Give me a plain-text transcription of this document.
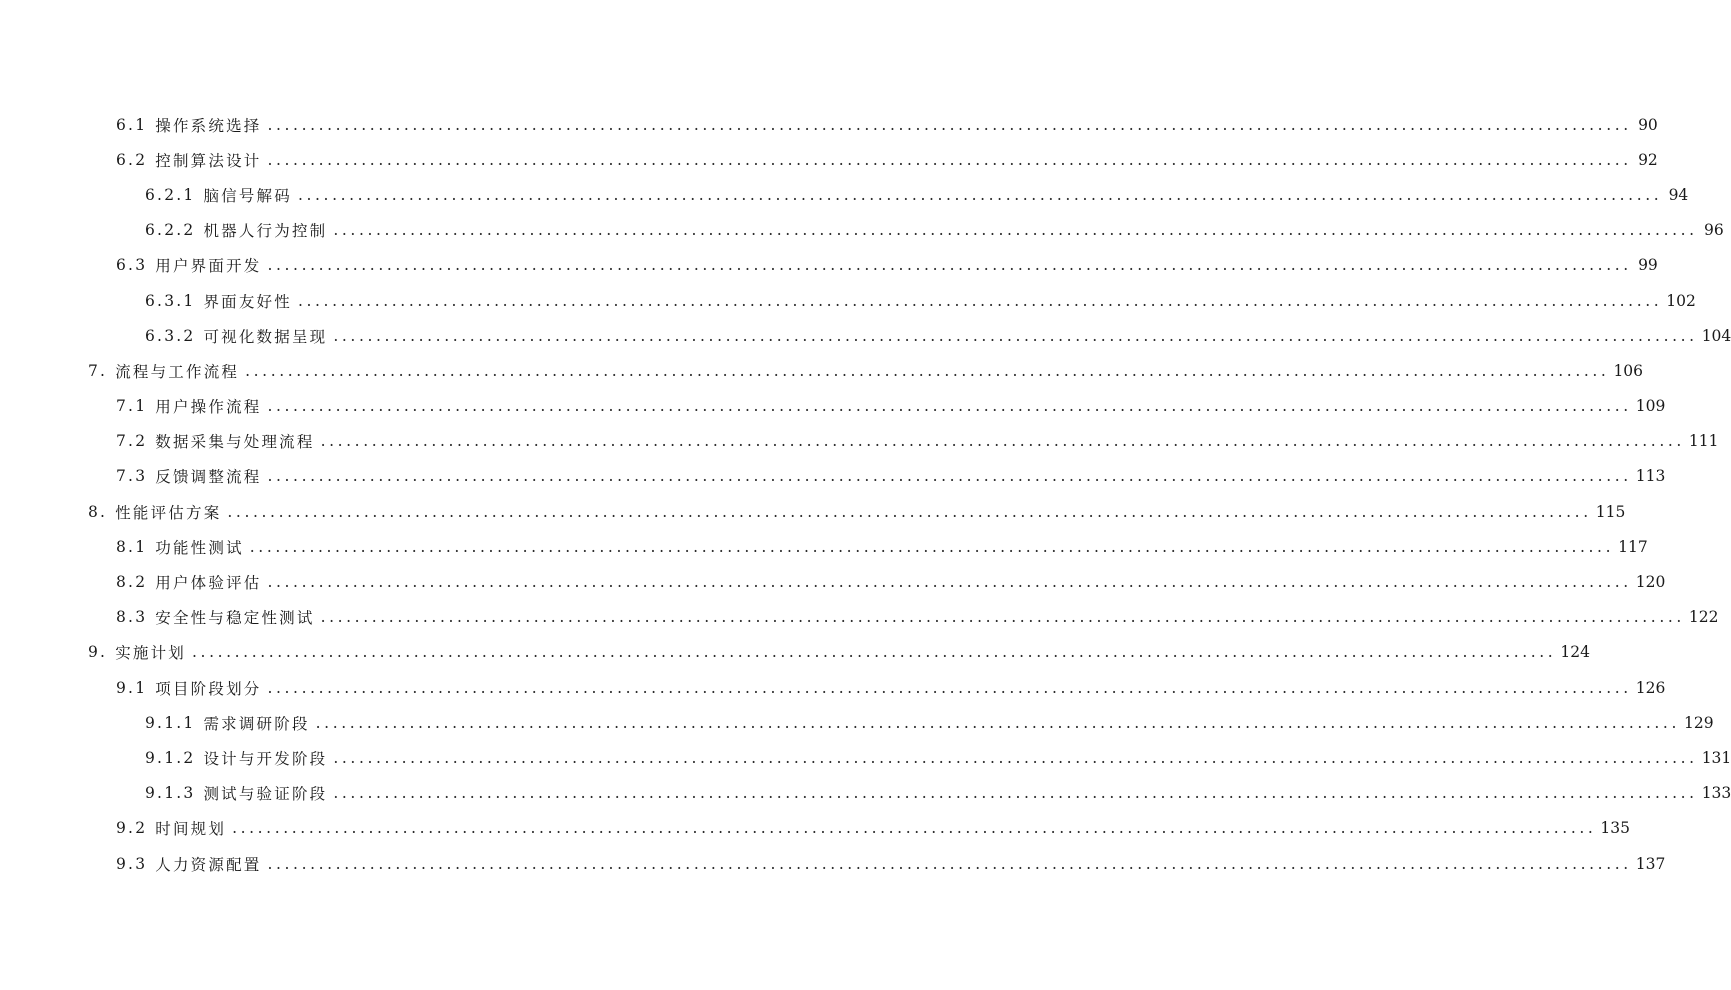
6.1 操作系统选择 ................................................................................................................................................................ 90
6.2 控制算法设计 ................................................................................................................................................................ 92
6.2.1 脑信号解码 ................................................................................................................................................................ 94
6.2.2 机器人行为控制 ................................................................................................................................................................ 96
6.3 用户界面开发 ................................................................................................................................................................ 99
6.3.1 界面友好性 ................................................................................................................................................................ 102
6.3.2 可视化数据呈现 ................................................................................................................................................................ 104
7. 流程与工作流程 ................................................................................................................................................................ 106
7.1 用户操作流程 ................................................................................................................................................................ 109
7.2 数据采集与处理流程 ................................................................................................................................................................ 111
7.3 反馈调整流程 ................................................................................................................................................................ 113
8. 性能评估方案 ................................................................................................................................................................ 115
8.1 功能性测试 ................................................................................................................................................................ 117
8.2 用户体验评估 ................................................................................................................................................................ 120
8.3 安全性与稳定性测试 ................................................................................................................................................................ 122
9. 实施计划 ................................................................................................................................................................ 124
9.1 项目阶段划分 ................................................................................................................................................................ 126
9.1.1 需求调研阶段 ................................................................................................................................................................ 129
9.1.2 设计与开发阶段 ................................................................................................................................................................ 131
9.1.3 测试与验证阶段 ................................................................................................................................................................ 133
9.2 时间规划 ................................................................................................................................................................ 135
9.3 人力资源配置 ................................................................................................................................................................ 137
